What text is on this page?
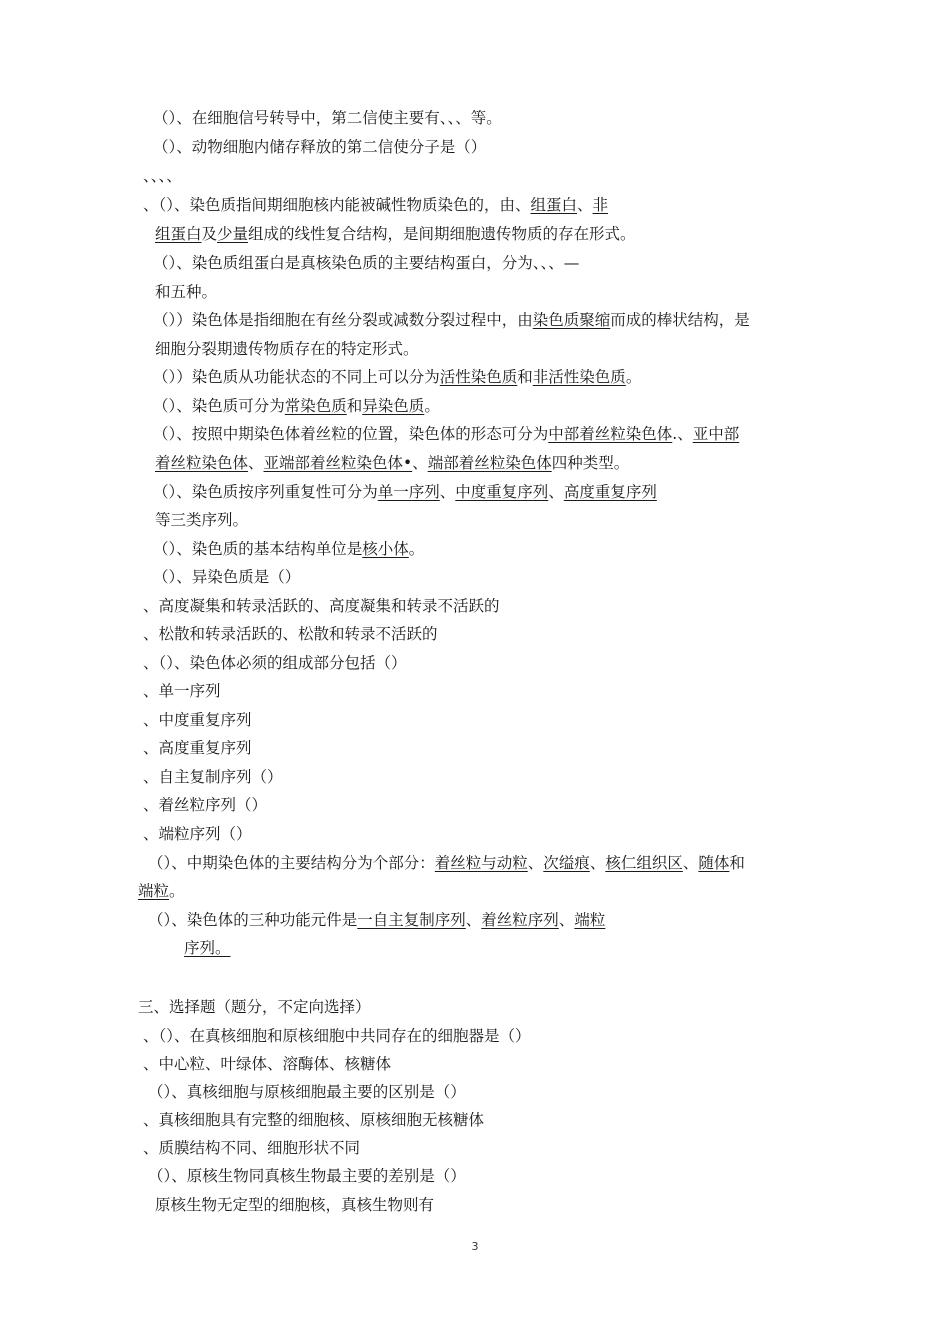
（）、在细胞信号转导中，第二信使主要有、、、等。
（）、动物细胞内储存释放的第二信使分子是（）
、、、、
、（）、染色质指间期细胞核内能被碱性物质染色的，由、组蛋白、非
组蛋白及少量组成的线性复合结构，是间期细胞遗传物质的存在形式。
（）、染色质组蛋白是真核染色质的主要结构蛋白，分为、、、—
和五种。
（））染色体是指细胞在有丝分裂或减数分裂过程中，由染色质聚缩而成的棒状结构，是
细胞分裂期遗传物质存在的特定形式。
（））染色质从功能状态的不同上可以分为活性染色质和非活性染色质。
（）、染色质可分为常染色质和异染色质。
（）、按照中期染色体着丝粒的位置，染色体的形态可分为中部着丝粒染色体.、亚中部
着丝粒染色体、亚端部着丝粒染色体•、端部着丝粒染色体四种类型。
（）、染色质按序列重复性可分为单一序列、中度重复序列、高度重复序列
等三类序列。
（）、染色质的基本结构单位是核小体。
（）、异染色质是（）
、高度凝集和转录活跃的、高度凝集和转录不活跃的
、松散和转录活跃的、松散和转录不活跃的
、（）、染色体必须的组成部分包括（）
、单一序列
、中度重复序列
、高度重复序列
、自主复制序列（）
、着丝粒序列（）
、端粒序列（）
（）、中期染色体的主要结构分为个部分：着丝粒与动粒、次缢痕、核仁组织区、随体和
端粒。
（）、染色体的三种功能元件是一自主复制序列、着丝粒序列、端粒
序列。
三、选择题（题分，不定向选择）
、（）、在真核细胞和原核细胞中共同存在的细胞器是（）
、中心粒、叶绿体、溶酶体、核糖体
（）、真核细胞与原核细胞最主要的区别是（）
、真核细胞具有完整的细胞核、原核细胞无核糖体
、质膜结构不同、细胞形状不同
（）、原核生物同真核生物最主要的差别是（）
原核生物无定型的细胞核，真核生物则有
3
